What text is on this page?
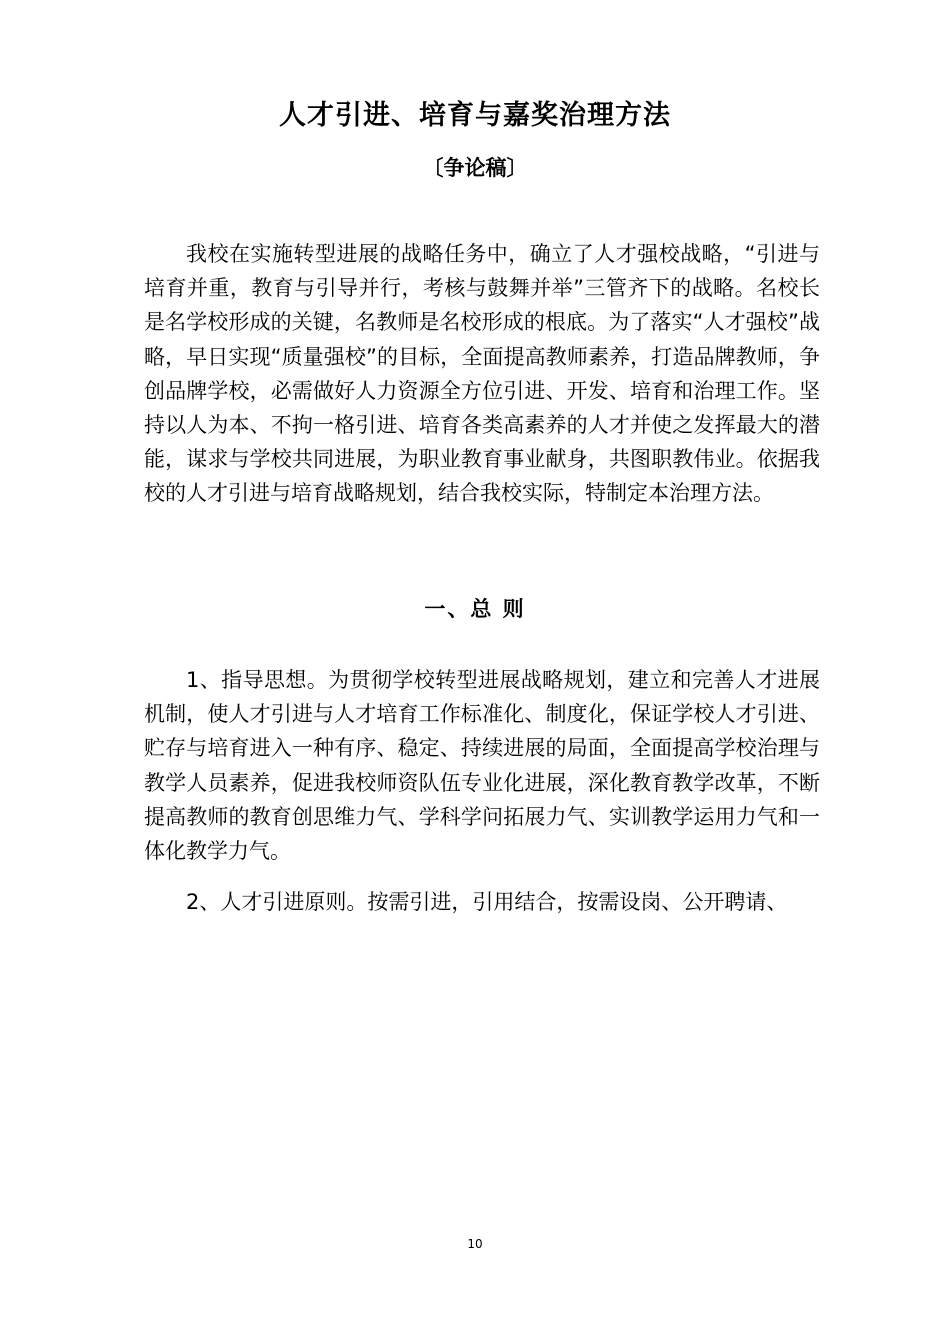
人才引进、培育与嘉奖治理方法
〔争论稿〕

我校在实施转型进展的战略任务中，确立了人才强校战略，“引进与培育并重，教育与引导并行，考核与鼓舞并举”三管齐下的战略。名校长是名学校形成的关键，名教师是名校形成的根底。为了落实“人才强校”战略，早日实现“质量强校”的目标，全面提高教师素养，打造品牌教师，争创品牌学校，必需做好人力资源全方位引进、开发、培育和治理工作。坚持以人为本、不拘一格引进、培育各类高素养的人才并使之发挥最大的潜能，谋求与学校共同进展，为职业教育事业献身，共图职教伟业。依据我校的人才引进与培育战略规划，结合我校实际，特制定本治理方法。

一、总 则

1、指导思想。为贯彻学校转型进展战略规划，建立和完善人才进展机制，使人才引进与人才培育工作标准化、制度化，保证学校人才引进、贮存与培育进入一种有序、稳定、持续进展的局面，全面提高学校治理与教学人员素养，促进我校师资队伍专业化进展，深化教育教学改革，不断提高教师的教育创思维力气、学科学问拓展力气、实训教学运用力气和一体化教学力气。

2、人才引进原则。按需引进，引用结合，按需设岗、公开聘请、

10
